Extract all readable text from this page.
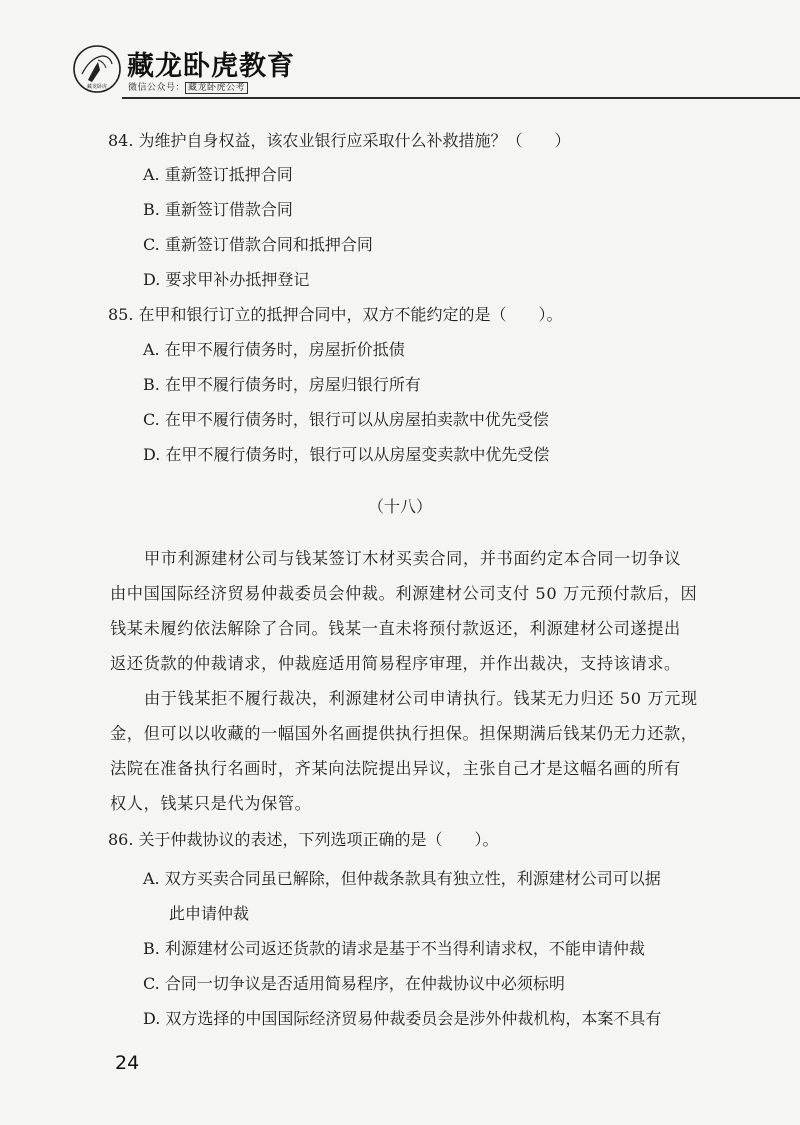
藏龙卧虎
藏龙卧虎教育
微信公众号： 藏龙卧虎公考
84. 为维护自身权益，该农业银行应采取什么补救措施？（　　）
A. 重新签订抵押合同
B. 重新签订借款合同
C. 重新签订借款合同和抵押合同
D. 要求甲补办抵押登记
85. 在甲和银行订立的抵押合同中，双方不能约定的是（　　）。
A. 在甲不履行债务时，房屋折价抵债
B. 在甲不履行债务时，房屋归银行所有
C. 在甲不履行债务时，银行可以从房屋拍卖款中优先受偿
D. 在甲不履行债务时，银行可以从房屋变卖款中优先受偿
（十八）
甲市利源建材公司与钱某签订木材买卖合同，并书面约定本合同一切争议
由中国国际经济贸易仲裁委员会仲裁。利源建材公司支付 50 万元预付款后，因
钱某未履约依法解除了合同。钱某一直未将预付款返还，利源建材公司遂提出
返还货款的仲裁请求，仲裁庭适用简易程序审理，并作出裁决，支持该请求。
由于钱某拒不履行裁决，利源建材公司申请执行。钱某无力归还 50 万元现
金，但可以以收藏的一幅国外名画提供执行担保。担保期满后钱某仍无力还款，
法院在准备执行名画时，齐某向法院提出异议，主张自己才是这幅名画的所有
权人，钱某只是代为保管。
86. 关于仲裁协议的表述，下列选项正确的是（　　）。
A. 双方买卖合同虽已解除，但仲裁条款具有独立性，利源建材公司可以据
此申请仲裁
B. 利源建材公司返还货款的请求是基于不当得利请求权，不能申请仲裁
C. 合同一切争议是否适用简易程序，在仲裁协议中必须标明
D. 双方选择的中国国际经济贸易仲裁委员会是涉外仲裁机构，本案不具有
24
